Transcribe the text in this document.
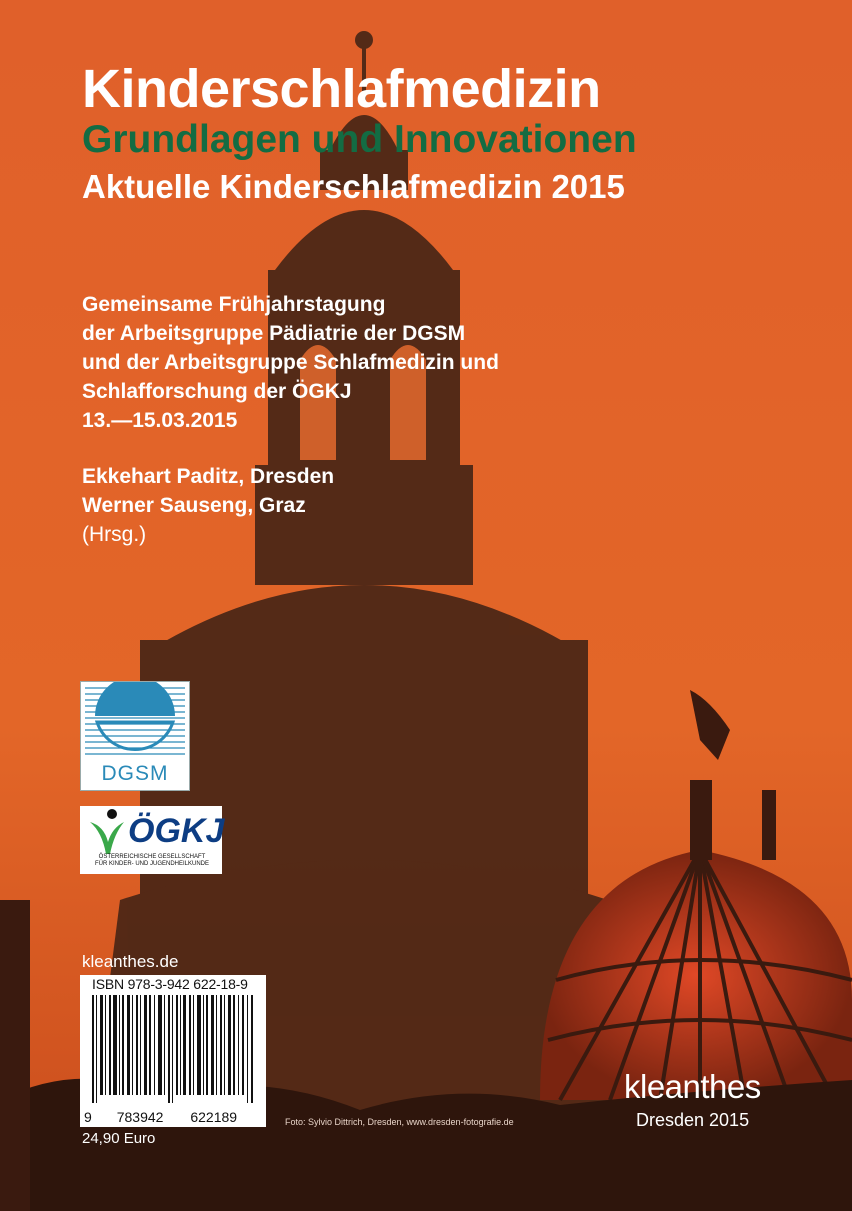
Kinderschlafmedizin
Grundlagen und Innovationen
Aktuelle Kinderschlafmedizin 2015
Gemeinsame Frühjahrstagung
der Arbeitsgruppe Pädiatrie der DGSM
und der Arbeitsgruppe Schlafmedizin und
Schlafforschung der ÖGKJ
13.—15.03.2015
Ekkehart Paditz, Dresden
Werner Sauseng, Graz
(Hrsg.)
DGSM
ÖGKJ
ÖSTERREICHISCHE GESELLSCHAFT
FÜR KINDER- UND JUGENDHEILKUNDE
kleanthes.de
ISBN 978-3-942 622-18-9
9 783942 622189
24,90 Euro
Foto: Sylvio Dittrich, Dresden, www.dresden-fotografie.de
kleanthes
Dresden 2015
